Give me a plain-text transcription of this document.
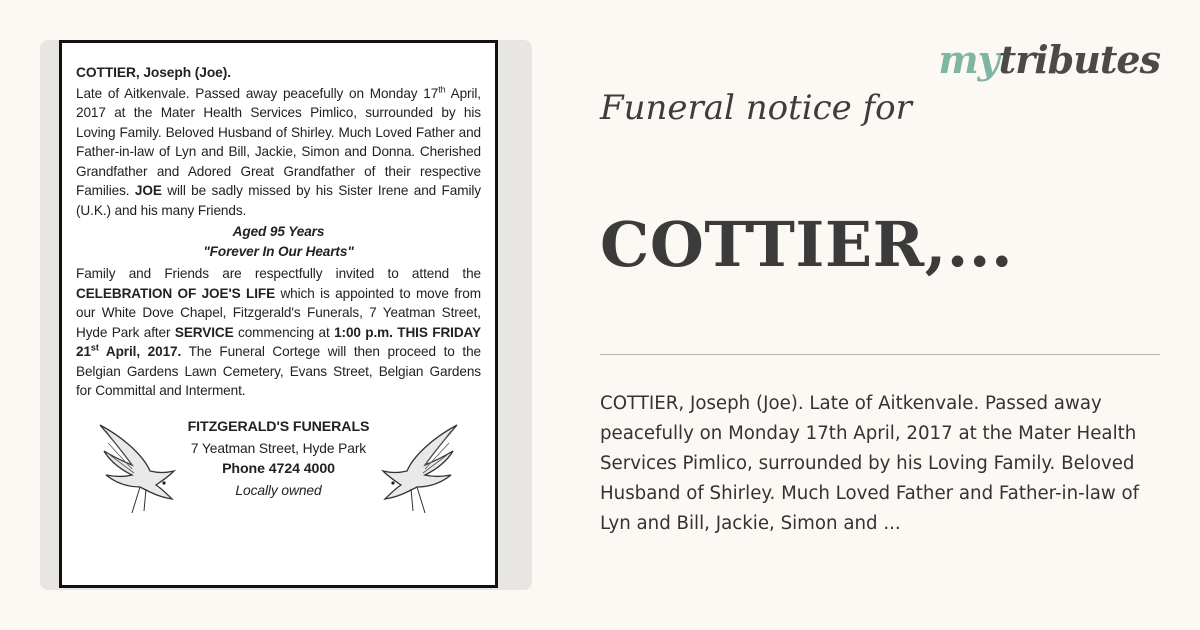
COTTIER, Joseph (Joe).
Late of Aitkenvale. Passed away peacefully on Monday 17th April, 2017 at the Mater Health Services Pimlico, surrounded by his Loving Family. Beloved Husband of Shirley. Much Loved Father and Father-in-law of Lyn and Bill, Jackie, Simon and Donna. Cherished Grandfather and Adored Great Grandfather of their respective Families. JOE will be sadly missed by his Sister Irene and Family (U.K.) and his many Friends.
Aged 95 Years
"Forever In Our Hearts"
Family and Friends are respectfully invited to attend the CELEBRATION OF JOE'S LIFE which is appointed to move from our White Dove Chapel, Fitzgerald's Funerals, 7 Yeatman Street, Hyde Park after SERVICE commencing at 1:00 p.m. THIS FRIDAY 21st April, 2017. The Funeral Cortege will then proceed to the Belgian Gardens Lawn Cemetery, Evans Street, Belgian Gardens for Committal and Interment.
FITZGERALD'S FUNERALS
7 Yeatman Street, Hyde Park
Phone 4724 4000
Locally owned
mytributes
Funeral notice for
COTTIER,...
COTTIER, Joseph (Joe). Late of Aitkenvale. Passed away peacefully on Monday 17th April, 2017 at the Mater Health Services Pimlico, surrounded by his Loving Family. Beloved Husband of Shirley. Much Loved Father and Father-in-law of Lyn and Bill, Jackie, Simon and ...
